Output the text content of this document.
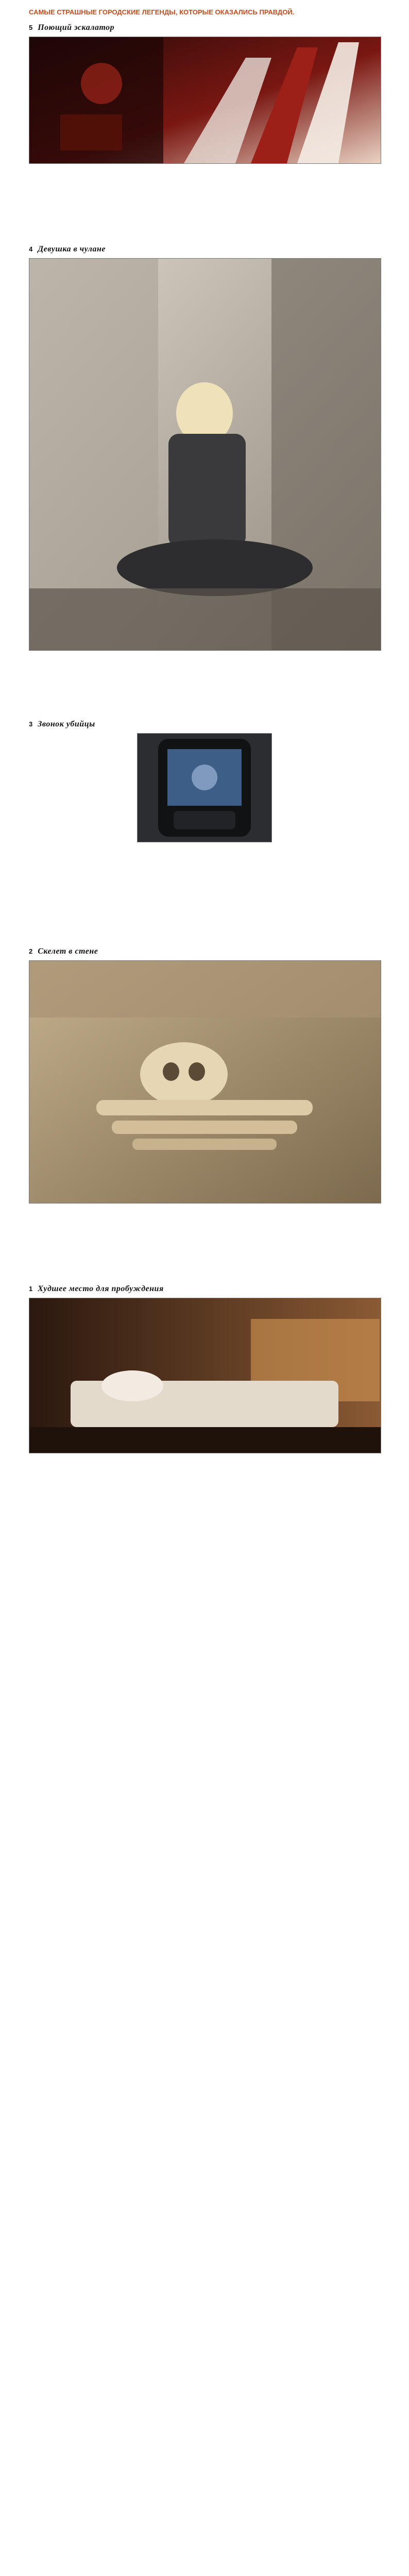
САМЫЕ СТРАШНЫЕ ГОРОДСКИЕ ЛЕГЕНДЫ, КОТОРЫЕ ОКАЗАЛИСЬ ПРАВДОЙ.
5 Поющий эскалатор

4 Девушка в чулане

3 Звонок убийцы

2 Скелет в стене

1 Худшее место для пробуждения
